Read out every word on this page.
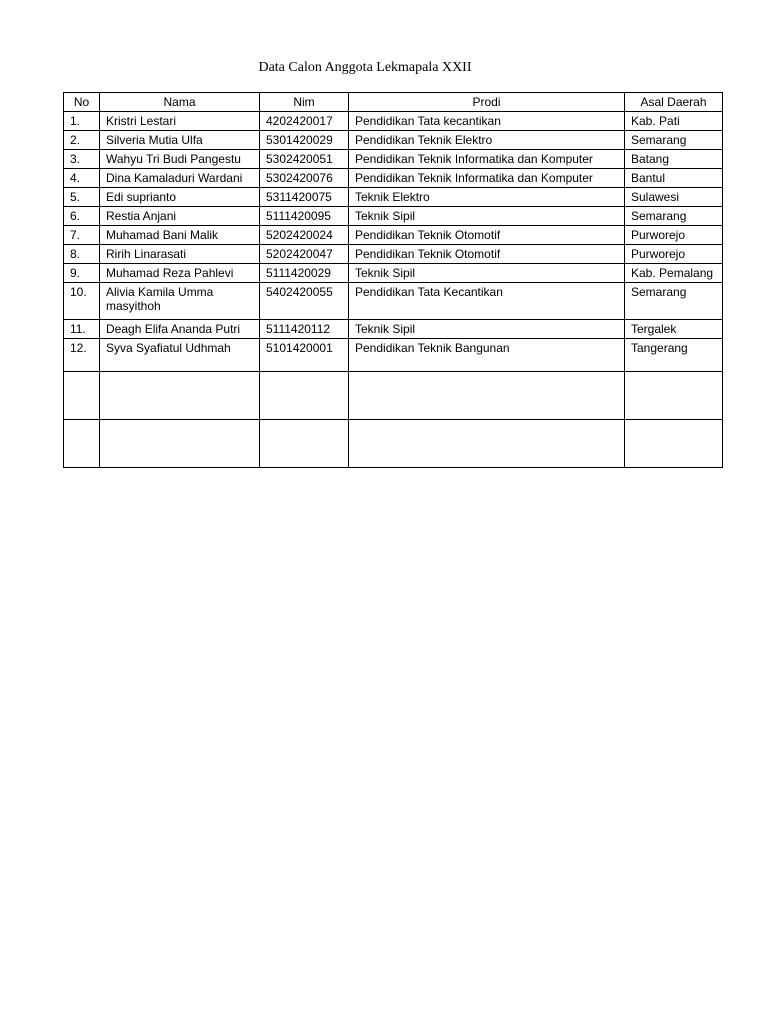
Data Calon Anggota Lekmapala XXII
No	Nama	Nim	Prodi	Asal Daerah
1.	Kristri Lestari	4202420017	Pendidikan Tata kecantikan	Kab. Pati
2.	Silveria Mutia Ulfa	5301420029	Pendidikan Teknik Elektro	Semarang
3.	Wahyu Tri Budi Pangestu	5302420051	Pendidikan Teknik Informatika dan Komputer	Batang
4.	Dina Kamaladuri Wardani	5302420076	Pendidikan Teknik Informatika dan Komputer	Bantul
5.	Edi suprianto	5311420075	Teknik Elektro	Sulawesi
6.	Restia Anjani	5111420095	Teknik Sipil	Semarang
7.	Muhamad Bani Malik	5202420024	Pendidikan Teknik Otomotif	Purworejo
8.	Ririh Linarasati	5202420047	Pendidikan Teknik Otomotif	Purworejo
9.	Muhamad Reza Pahlevi	5111420029	Teknik Sipil	Kab. Pemalang
10.	Alivia Kamila Umma masyithoh	5402420055	Pendidikan Tata Kecantikan	Semarang
11.	Deagh Elifa Ananda Putri	5111420112	Teknik Sipil	Tergalek
12.	Syva Syafiatul Udhmah	5101420001	Pendidikan Teknik Bangunan	Tangerang
